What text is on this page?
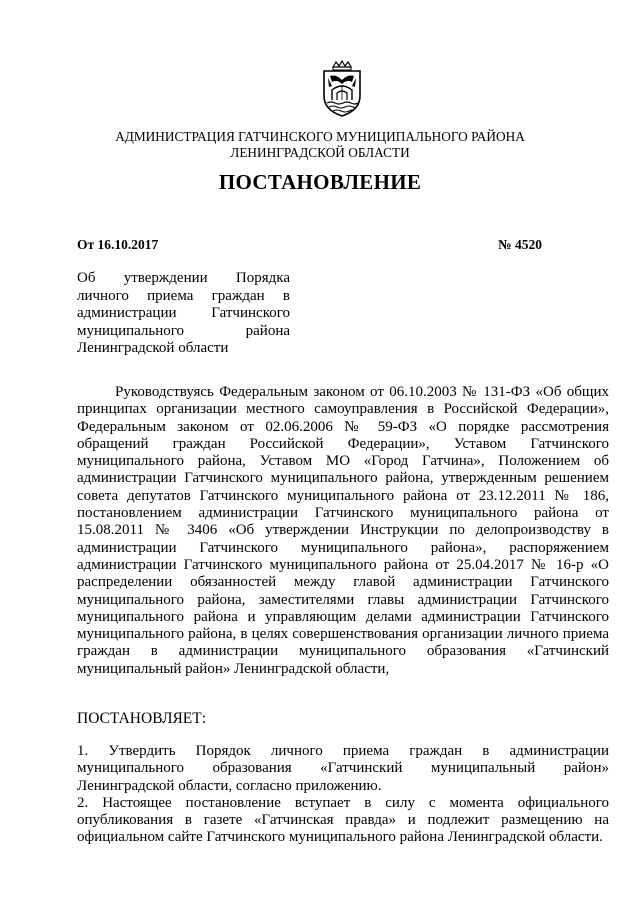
АДМИНИСТРАЦИЯ ГАТЧИНСКОГО МУНИЦИПАЛЬНОГО РАЙОНА
ЛЕНИНГРАДСКОЙ ОБЛАСТИ
ПОСТАНОВЛЕНИЕ
От 16.10.2017	№ 4520
Об утверждении Порядка
личного приема граждан в
администрации Гатчинского
муниципального района
Ленинградской области
Руководствуясь Федеральным законом от 06.10.2003 № 131-ФЗ «Об общих
принципах организации местного самоуправления в Российской Федерации»,
Федеральным законом от 02.06.2006 № 59-ФЗ «О порядке рассмотрения
обращений граждан Российской Федерации», Уставом Гатчинского
муниципального района, Уставом МО «Город Гатчина», Положением об
администрации Гатчинского муниципального района, утвержденным решением
совета депутатов Гатчинского муниципального района от 23.12.2011 № 186,
постановлением администрации Гатчинского муниципального района от
15.08.2011 № 3406 «Об утверждении Инструкции по делопроизводству в
администрации Гатчинского муниципального района», распоряжением
администрации Гатчинского муниципального района от 25.04.2017 № 16-р «О
распределении обязанностей между главой администрации Гатчинского
муниципального района, заместителями главы администрации Гатчинского
муниципального района и управляющим делами администрации Гатчинского
муниципального района, в целях совершенствования организации личного приема
граждан в администрации муниципального образования «Гатчинский
муниципальный район» Ленинградской области,
ПОСТАНОВЛЯЕТ:
1. Утвердить Порядок личного приема граждан в администрации
муниципального образования «Гатчинский муниципальный район»
Ленинградской области, согласно приложению.
2. Настоящее постановление вступает в силу с момента официального
опубликования в газете «Гатчинская правда» и подлежит размещению на
официальном сайте Гатчинского муниципального района Ленинградской области.
